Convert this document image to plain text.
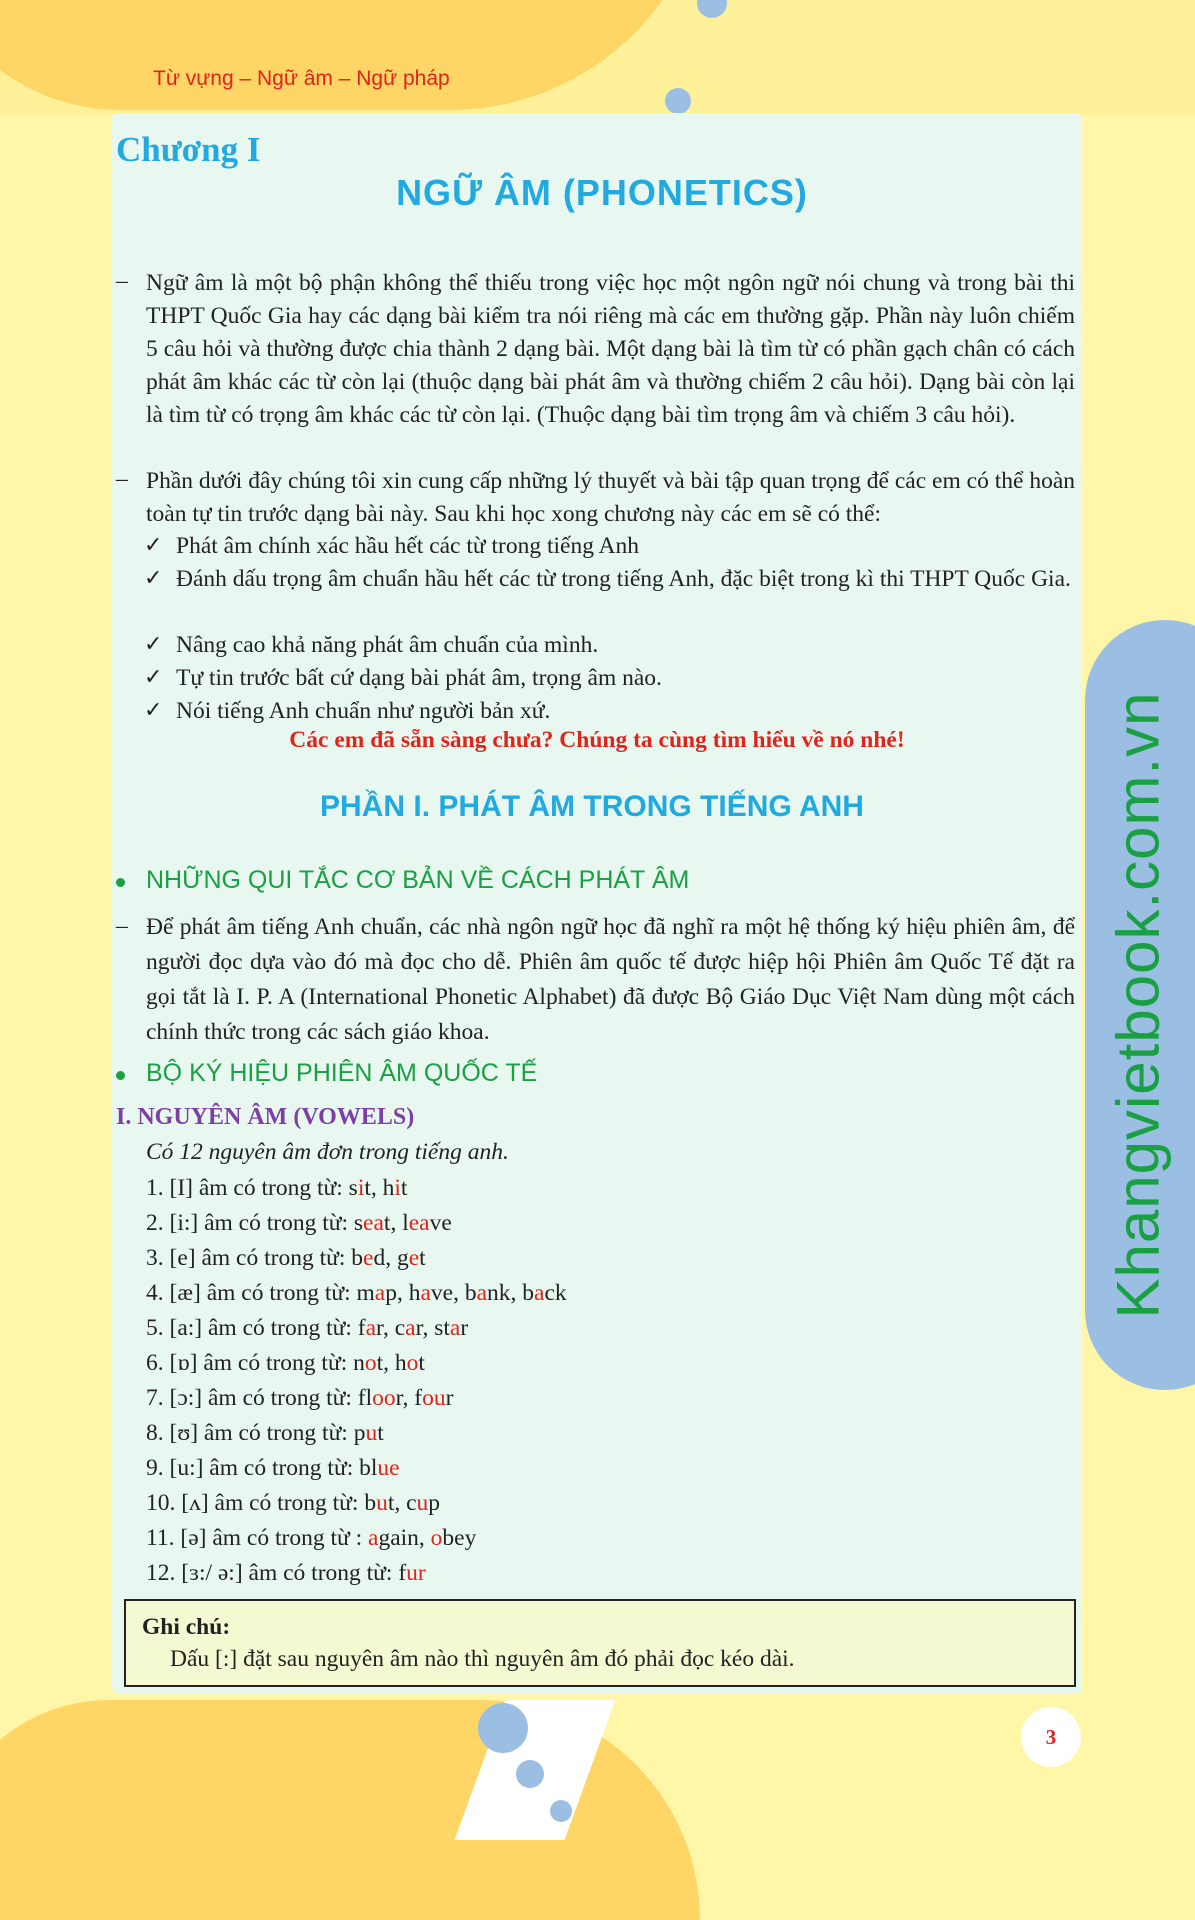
Khangvietbook.com.vn
Từ vựng – Ngữ âm – Ngữ pháp
Chương I
NGỮ ÂM (PHONETICS)
– Ngữ âm là một bộ phận không thể thiếu trong việc học một ngôn ngữ nói chung và trong bài thi THPT Quốc Gia hay các dạng bài kiểm tra nói riêng mà các em thường gặp. Phần này luôn chiếm 5 câu hỏi và thường được chia thành 2 dạng bài. Một dạng bài là tìm từ có phần gạch chân có cách phát âm khác các từ còn lại (thuộc dạng bài phát âm và thường chiếm 2 câu hỏi). Dạng bài còn lại là tìm từ có trọng âm khác các từ còn lại. (Thuộc dạng bài tìm trọng âm và chiếm 3 câu hỏi).
– Phần dưới đây chúng tôi xin cung cấp những lý thuyết và bài tập quan trọng để các em có thể hoàn toàn tự tin trước dạng bài này. Sau khi học xong chương này các em sẽ có thể:
✓ Phát âm chính xác hầu hết các từ trong tiếng Anh
✓ Đánh dấu trọng âm chuẩn hầu hết các từ trong tiếng Anh, đặc biệt trong kì thi THPT Quốc Gia.
✓ Nâng cao khả năng phát âm chuẩn của mình.
✓ Tự tin trước bất cứ dạng bài phát âm, trọng âm nào.
✓ Nói tiếng Anh chuẩn như người bản xứ.
Các em đã sẵn sàng chưa? Chúng ta cùng tìm hiểu về nó nhé!
PHẦN I. PHÁT ÂM TRONG TIẾNG ANH
NHỮNG QUI TẮC CƠ BẢN VỀ CÁCH PHÁT ÂM
– Để phát âm tiếng Anh chuẩn, các nhà ngôn ngữ học đã nghĩ ra một hệ thống ký hiệu phiên âm, để người đọc dựa vào đó mà đọc cho dễ. Phiên âm quốc tế được hiệp hội Phiên âm Quốc Tế đặt ra gọi tắt là I. P. A (International Phonetic Alphabet) đã được Bộ Giáo Dục Việt Nam dùng một cách chính thức trong các sách giáo khoa.
BỘ KÝ HIỆU PHIÊN ÂM QUỐC TẾ
I. NGUYÊN ÂM (VOWELS)
Có 12 nguyên âm đơn trong tiếng anh.
1. [I] âm có trong từ: sit, hit
2. [i:] âm có trong từ: seat, leave
3. [e] âm có trong từ: bed, get
4. [æ] âm có trong từ: map, have, bank, back
5. [a:] âm có trong từ: far, car, star
6. [ɒ] âm có trong từ: not, hot
7. [ɔ:] âm có trong từ: floor, four
8. [ʊ] âm có trong từ: put
9. [u:] âm có trong từ: blue
10. [ʌ] âm có trong từ: but, cup
11. [ə] âm có trong từ : again, obey
12. [ɜ:/ ə:] âm có trong từ: fur
Ghi chú:
Dấu [:] đặt sau nguyên âm nào thì nguyên âm đó phải đọc kéo dài.
3
